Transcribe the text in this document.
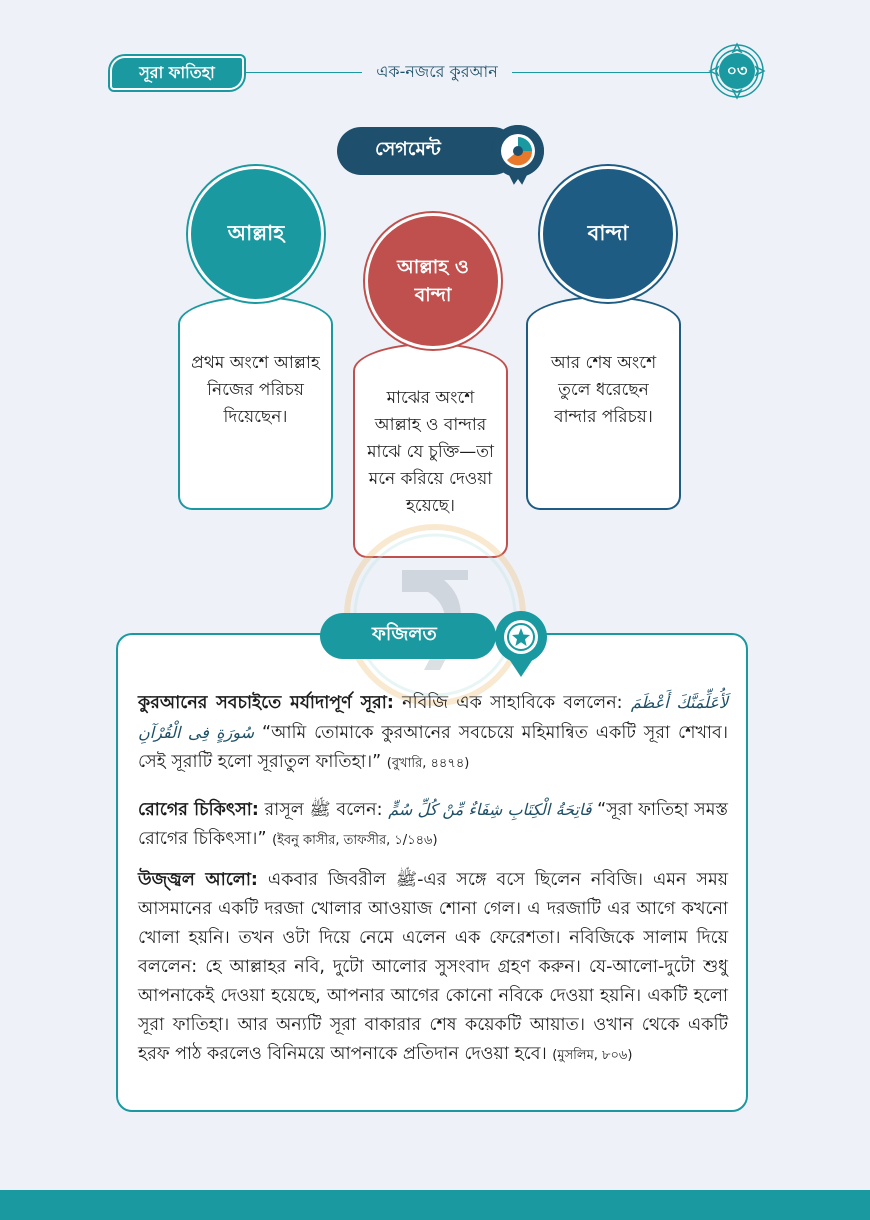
সূরা ফাতিহা	এক-নজরে কুরআন	০৩
সেগমেন্ট
প্রথম অংশে আল্লাহ নিজের পরিচয় দিয়েছেন।
আর শেষ অংশে তুলে ধরেছেন বান্দার পরিচয়।
মাঝের অংশে আল্লাহ ও বান্দার মাঝে যে চুক্তি—তা মনে করিয়ে দেওয়া হয়েছে।
আল্লাহ	বান্দা
আল্লাহ ও বান্দা
ফজিলত
কুরআনের সবচাইতে মর্যাদাপূর্ণ সূরা: নবিজি এক সাহাবিকে বললেন: لَأُعَلِّمَنَّكَ أَعْظَمَ سُورَةٍ فِى الْقُرْآنِ “আমি তোমাকে কুরআনের সবচেয়ে মহিমান্বিত একটি সূরা শেখাব। সেই সূরাটি হলো সূরাতুল ফাতিহা।” (বুখারি, ৪৪৭৪)
রোগের চিকিৎসা: রাসূল ﷺ বলেন: فَاتِحَةُ الْكِتَابِ شِفَاءٌ مِّنْ كُلِّ سُمٍّ “সূরা ফাতিহা সমস্ত রোগের চিকিৎসা।” (ইবনু কাসীর, তাফসীর, ১/১৪৬)
উজ্জ্বল আলো: একবার জিবরীল ﷺ-এর সঙ্গে বসে ছিলেন নবিজি। এমন সময় আসমানের একটি দরজা খোলার আওয়াজ শোনা গেল। এ দরজাটি এর আগে কখনো খোলা হয়নি। তখন ওটা দিয়ে নেমে এলেন এক ফেরেশতা। নবিজিকে সালাম দিয়ে বললেন: হে আল্লাহর নবি, দুটো আলোর সুসংবাদ গ্রহণ করুন। যে-আলো-দুটো শুধু আপনাকেই দেওয়া হয়েছে, আপনার আগের কোনো নবিকে দেওয়া হয়নি। একটি হলো সূরা ফাতিহা। আর অন্যটি সূরা বাকারার শেষ কয়েকটি আয়াত। ওখান থেকে একটি হরফ পাঠ করলেও বিনিময়ে আপনাকে প্রতিদান দেওয়া হবে। (মুসলিম, ৮০৬)
